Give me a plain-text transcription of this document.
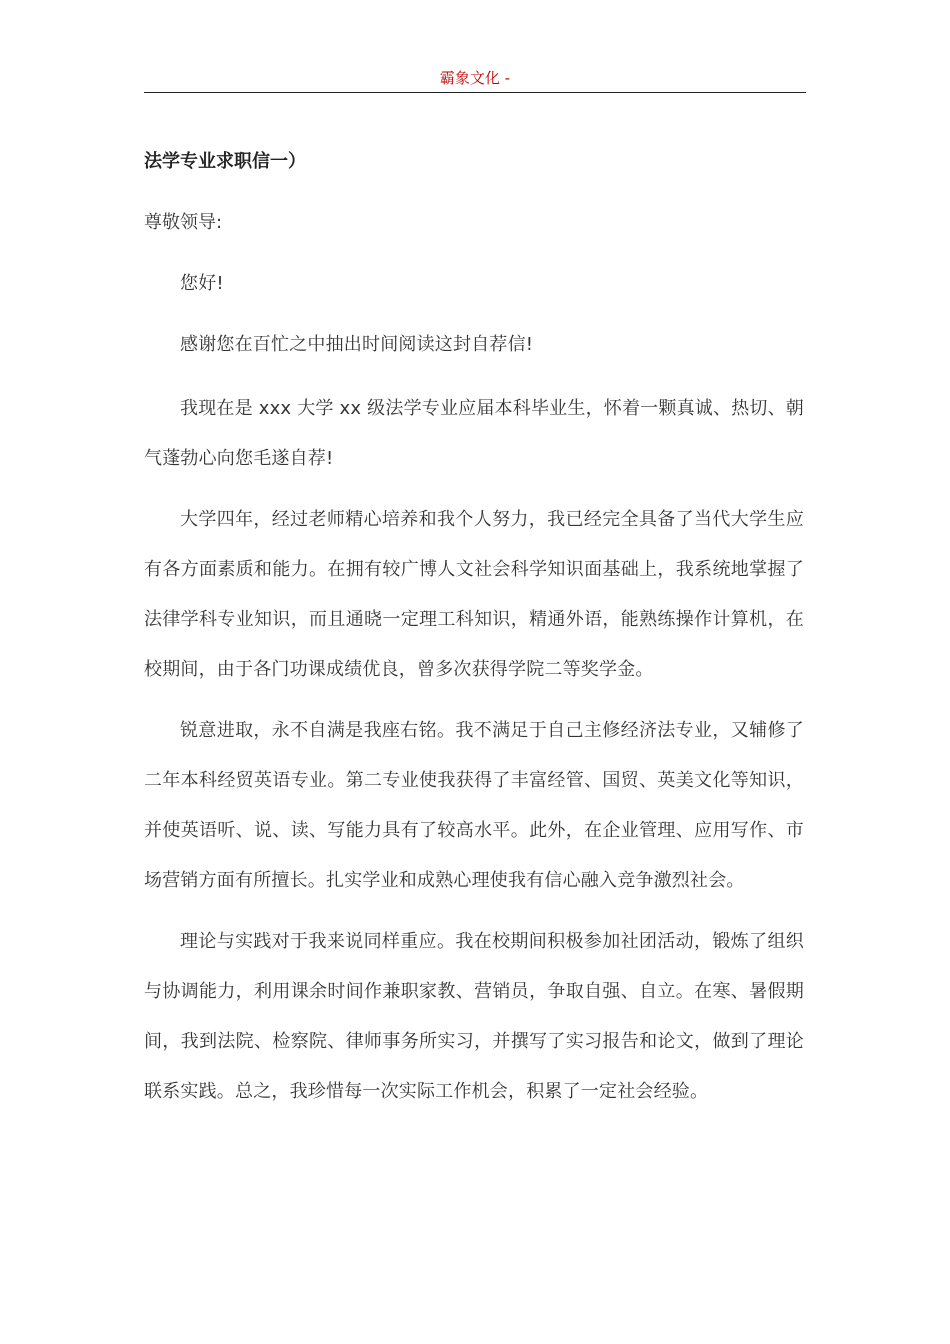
霸象文化 -
法学专业求职信一）
尊敬领导:

您好!

感谢您在百忙之中抽出时间阅读这封自荐信!

我现在是 xxx 大学 xx 级法学专业应届本科毕业生，怀着一颗真诚、热切、朝气蓬勃心向您毛遂自荐!

大学四年，经过老师精心培养和我个人努力，我已经完全具备了当代大学生应有各方面素质和能力。在拥有较广博人文社会科学知识面基础上，我系统地掌握了法律学科专业知识，而且通晓一定理工科知识，精通外语，能熟练操作计算机，在校期间，由于各门功课成绩优良，曾多次获得学院二等奖学金。

锐意进取，永不自满是我座右铭。我不满足于自己主修经济法专业，又辅修了二年本科经贸英语专业。第二专业使我获得了丰富经管、国贸、英美文化等知识，并使英语听、说、读、写能力具有了较高水平。此外，在企业管理、应用写作、市场营销方面有所擅长。扎实学业和成熟心理使我有信心融入竞争激烈社会。

理论与实践对于我来说同样重应。我在校期间积极参加社团活动，锻炼了组织与协调能力，利用课余时间作兼职家教、营销员，争取自强、自立。在寒、暑假期间，我到法院、检察院、律师事务所实习，并撰写了实习报告和论文，做到了理论联系实践。总之，我珍惜每一次实际工作机会，积累了一定社会经验。
